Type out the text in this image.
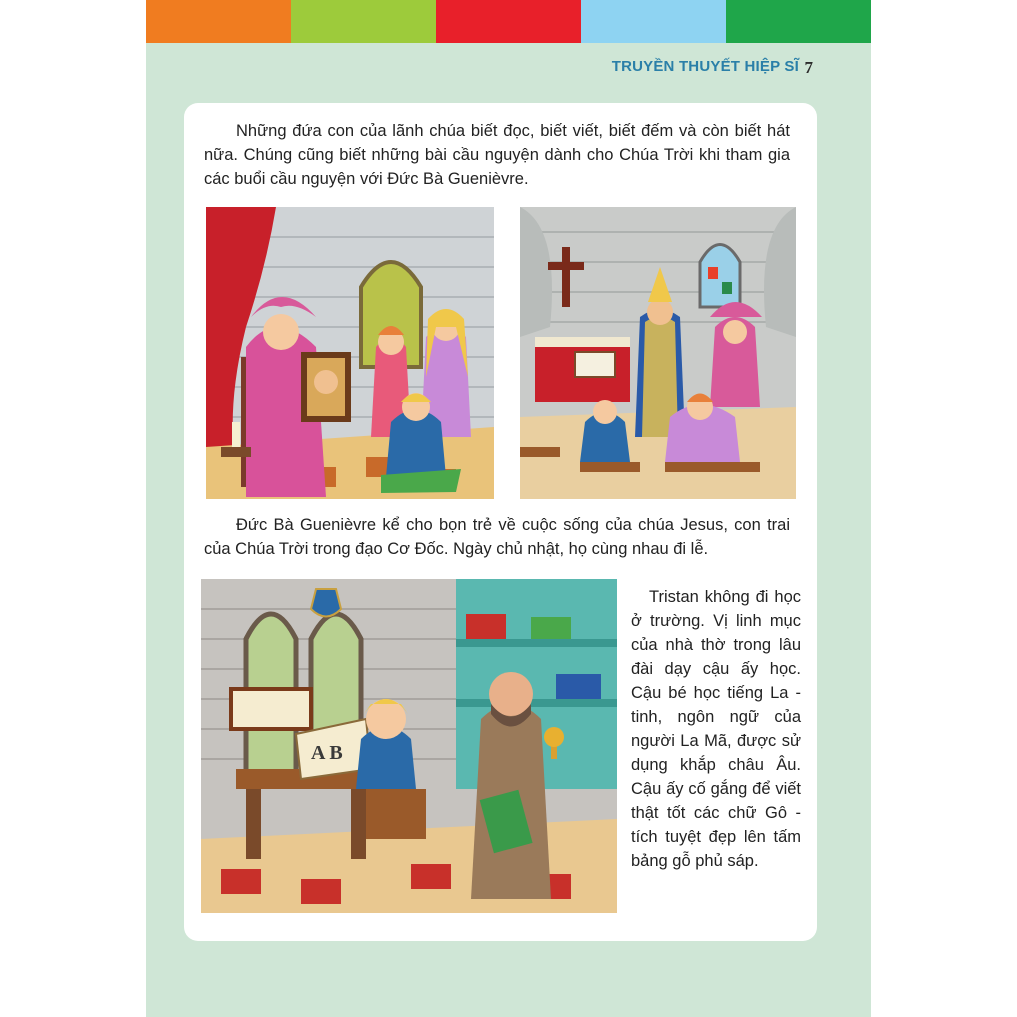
TRUYỀN THUYẾT HIỆP SĨ 7

Những đứa con của lãnh chúa biết đọc, biết viết, biết đếm và còn biết hát nữa. Chúng cũng biết những bài cầu nguyện dành cho Chúa Trời khi tham gia các buổi cầu nguyện với Đức Bà Guenièvre.

Đức Bà Guenièvre kể cho bọn trẻ về cuộc sống của chúa Jesus, con trai của Chúa Trời trong đạo Cơ Đốc. Ngày chủ nhật, họ cùng nhau đi lễ.

A B

Tristan không đi học ở trường. Vị linh mục của nhà thờ trong lâu đài dạy cậu ấy học. Cậu bé học tiếng La - tinh, ngôn ngữ của người La Mã, được sử dụng khắp châu Âu. Cậu ấy cố gắng để viết thật tốt các chữ Gô - tích tuyệt đẹp lên tấm bảng gỗ phủ sáp.
